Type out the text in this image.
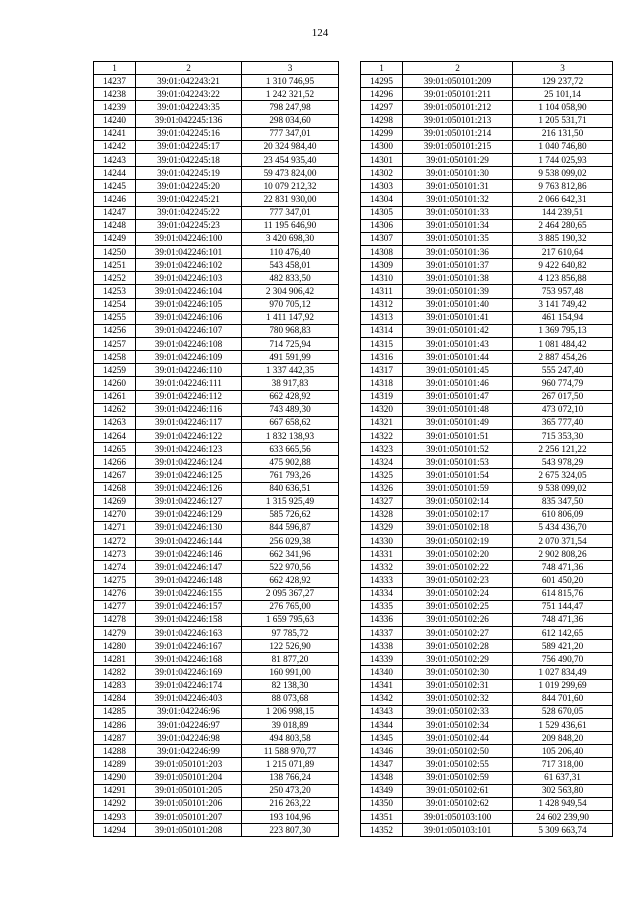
124
1	2	3
14237	39:01:042243:21	1 310 746,95
14238	39:01:042243:22	1 242 321,52
14239	39:01:042243:35	798 247,98
14240	39:01:042245:136	298 034,60
14241	39:01:042245:16	777 347,01
14242	39:01:042245:17	20 324 984,40
14243	39:01:042245:18	23 454 935,40
14244	39:01:042245:19	59 473 824,00
14245	39:01:042245:20	10 079 212,32
14246	39:01:042245:21	22 831 930,00
14247	39:01:042245:22	777 347,01
14248	39:01:042245:23	11 195 646,90
14249	39:01:042246:100	3 420 698,30
14250	39:01:042246:101	110 476,40
14251	39:01:042246:102	543 458,01
14252	39:01:042246:103	482 833,50
14253	39:01:042246:104	2 304 906,42
14254	39:01:042246:105	970 705,12
14255	39:01:042246:106	1 411 147,92
14256	39:01:042246:107	780 968,83
14257	39:01:042246:108	714 725,94
14258	39:01:042246:109	491 591,99
14259	39:01:042246:110	1 337 442,35
14260	39:01:042246:111	38 917,83
14261	39:01:042246:112	662 428,92
14262	39:01:042246:116	743 489,30
14263	39:01:042246:117	667 658,62
14264	39:01:042246:122	1 832 138,93
14265	39:01:042246:123	633 665,56
14266	39:01:042246:124	475 902,88
14267	39:01:042246:125	761 793,26
14268	39:01:042246:126	840 636,51
14269	39:01:042246:127	1 315 925,49
14270	39:01:042246:129	585 726,62
14271	39:01:042246:130	844 596,87
14272	39:01:042246:144	256 029,38
14273	39:01:042246:146	662 341,96
14274	39:01:042246:147	522 970,56
14275	39:01:042246:148	662 428,92
14276	39:01:042246:155	2 095 367,27
14277	39:01:042246:157	276 765,00
14278	39:01:042246:158	1 659 795,63
14279	39:01:042246:163	97 785,72
14280	39:01:042246:167	122 526,90
14281	39:01:042246:168	81 877,20
14282	39:01:042246:169	160 991,00
14283	39:01:042246:174	82 138,30
14284	39:01:042246:403	88 073,68
14285	39:01:042246:96	1 206 998,15
14286	39:01:042246:97	39 018,89
14287	39:01:042246:98	494 803,58
14288	39:01:042246:99	11 588 970,77
14289	39:01:050101:203	1 215 071,89
14290	39:01:050101:204	138 766,24
14291	39:01:050101:205	250 473,20
14292	39:01:050101:206	216 263,22
14293	39:01:050101:207	193 104,96
14294	39:01:050101:208	223 807,30
1	2	3
14295	39:01:050101:209	129 237,72
14296	39:01:050101:211	25 101,14
14297	39:01:050101:212	1 104 058,90
14298	39:01:050101:213	1 205 531,71
14299	39:01:050101:214	216 131,50
14300	39:01:050101:215	1 040 746,80
14301	39:01:050101:29	1 744 025,93
14302	39:01:050101:30	9 538 099,02
14303	39:01:050101:31	9 763 812,86
14304	39:01:050101:32	2 066 642,31
14305	39:01:050101:33	144 239,51
14306	39:01:050101:34	2 464 280,65
14307	39:01:050101:35	3 885 190,32
14308	39:01:050101:36	217 610,64
14309	39:01:050101:37	9 422 640,82
14310	39:01:050101:38	4 123 856,88
14311	39:01:050101:39	753 957,48
14312	39:01:050101:40	3 141 749,42
14313	39:01:050101:41	461 154,94
14314	39:01:050101:42	1 369 795,13
14315	39:01:050101:43	1 081 484,42
14316	39:01:050101:44	2 887 454,26
14317	39:01:050101:45	555 247,40
14318	39:01:050101:46	960 774,79
14319	39:01:050101:47	267 017,50
14320	39:01:050101:48	473 072,10
14321	39:01:050101:49	365 777,40
14322	39:01:050101:51	715 353,30
14323	39:01:050101:52	2 256 121,22
14324	39:01:050101:53	543 978,29
14325	39:01:050101:54	2 675 324,05
14326	39:01:050101:59	9 538 099,02
14327	39:01:050102:14	835 347,50
14328	39:01:050102:17	610 806,09
14329	39:01:050102:18	5 434 436,70
14330	39:01:050102:19	2 070 371,54
14331	39:01:050102:20	2 902 808,26
14332	39:01:050102:22	748 471,36
14333	39:01:050102:23	601 450,20
14334	39:01:050102:24	614 815,76
14335	39:01:050102:25	751 144,47
14336	39:01:050102:26	748 471,36
14337	39:01:050102:27	612 142,65
14338	39:01:050102:28	589 421,20
14339	39:01:050102:29	756 490,70
14340	39:01:050102:30	1 027 834,49
14341	39:01:050102:31	1 019 299,69
14342	39:01:050102:32	844 701,60
14343	39:01:050102:33	528 670,05
14344	39:01:050102:34	1 529 436,61
14345	39:01:050102:44	209 848,20
14346	39:01:050102:50	105 206,40
14347	39:01:050102:55	717 318,00
14348	39:01:050102:59	61 637,31
14349	39:01:050102:61	302 563,80
14350	39:01:050102:62	1 428 949,54
14351	39:01:050103:100	24 602 239,90
14352	39:01:050103:101	5 309 663,74
